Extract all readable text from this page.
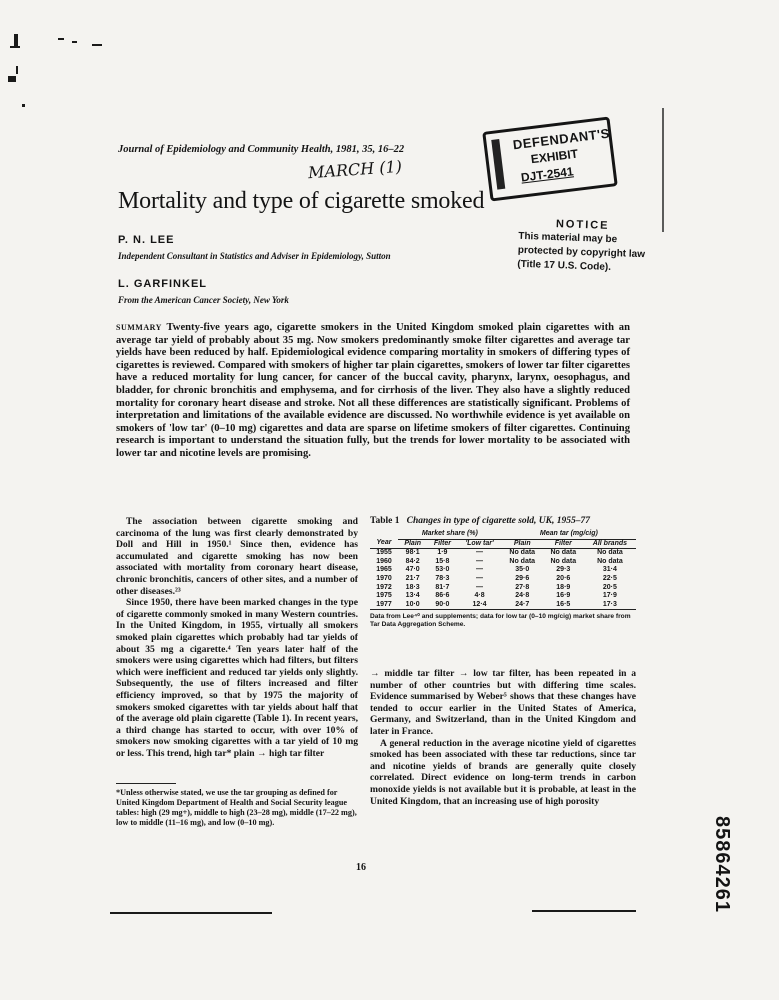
Journal of Epidemiology and Community Health, 1981, 35, 16–22
MARCH (1)
DEFENDANT'S
EXHIBIT
DJT-2541
Mortality and type of cigarette smoked
NOTICE
This material may be protected by copyright law (Title 17 U.S. Code).
P. N. LEE
Independent Consultant in Statistics and Adviser in Epidemiology, Sutton
L. GARFINKEL
From the American Cancer Society, New York
SUMMARY Twenty-five years ago, cigarette smokers in the United Kingdom smoked plain cigarettes with an average tar yield of probably about 35 mg. Now smokers predominantly smoke filter cigarettes and average tar yields have been reduced by half. Epidemiological evidence comparing mortality in smokers of differing types of cigarettes is reviewed. Compared with smokers of higher tar plain cigarettes, smokers of lower tar filter cigarettes have a reduced mortality for lung cancer, for cancer of the buccal cavity, pharynx, larynx, oesophagus, and bladder, for chronic bronchitis and emphysema, and for cirrhosis of the liver. They also have a slightly reduced mortality for coronary heart disease and stroke. Not all these differences are statistically significant. Problems of interpretation and limitations of the available evidence are discussed. No worthwhile evidence is yet available on smokers of 'low tar' (0–10 mg) cigarettes and data are sparse on lifetime smokers of filter cigarettes. Continuing research is important to understand the situation fully, but the trends for lower mortality to be associated with lower tar and nicotine levels are promising.

The association between cigarette smoking and carcinoma of the lung was first clearly demonstrated by Doll and Hill in 1950.¹ Since then, evidence has accumulated and cigarette smoking has now been associated with mortality from coronary heart disease, chronic bronchitis, cancers of other sites, and a number of other diseases.²³

Since 1950, there have been marked changes in the type of cigarette commonly smoked in many Western countries. In the United Kingdom, in 1955, virtually all smokers smoked plain cigarettes which probably had tar yields of about 35 mg a cigarette.⁴ Ten years later half of the smokers were using cigarettes which had filters, but filters which were inefficient and reduced tar yields only slightly. Subsequently, the use of filters increased and filter efficiency improved, so that by 1975 the majority of smokers smoked cigarettes with tar yields about half that of the average old plain cigarette (Table 1). In recent years, a third change has started to occur, with over 10% of smokers now smoking cigarettes with a tar yield of 10 mg or less. This trend, high tar* plain → high tar filter

*Unless otherwise stated, we use the tar grouping as defined for United Kingdom Department of Health and Social Security league tables: high (29 mg+), middle to high (23–28 mg), middle (17–22 mg), low to middle (11–16 mg), and low (0–10 mg).
Table 1 Changes in type of cigarette sold, UK, 1955–77
	Market share (%)			Mean tar (mg/cig)		
Year	Plain	Filter	'Low tar'	Plain	Filter	All brands
1955	98·1	1·9	—	No data	No data	No data
1960	84·2	15·8	—	No data	No data	No data
1965	47·0	53·0	—	35·0	29·3	31·4
1970	21·7	78·3	—	29·6	20·6	22·5
1972	18·3	81·7	—	27·8	18·9	20·5
1975	13·4	86·6	4·8	24·8	16·9	17·9
1977	10·0	90·0	12·4	24·7	16·5	17·3
Data from Lee⁴⁰ and supplements; data for low tar (0–10 mg/cig) market share from Tar Data Aggregation Scheme.

→ middle tar filter → low tar filter, has been repeated in a number of other countries but with differing time scales. Evidence summarised by Weber⁵ shows that these changes have tended to occur earlier in the United States of America, Germany, and Switzerland, than in the United Kingdom and later in France.

A general reduction in the average nicotine yield of cigarettes smoked has been associated with these tar reductions, since tar and nicotine yields of brands are generally quite closely correlated. Direct evidence on long-term trends in carbon monoxide yields is not available but it is probable, at least in the United Kingdom, that an increasing use of high porosity

16	85864261
